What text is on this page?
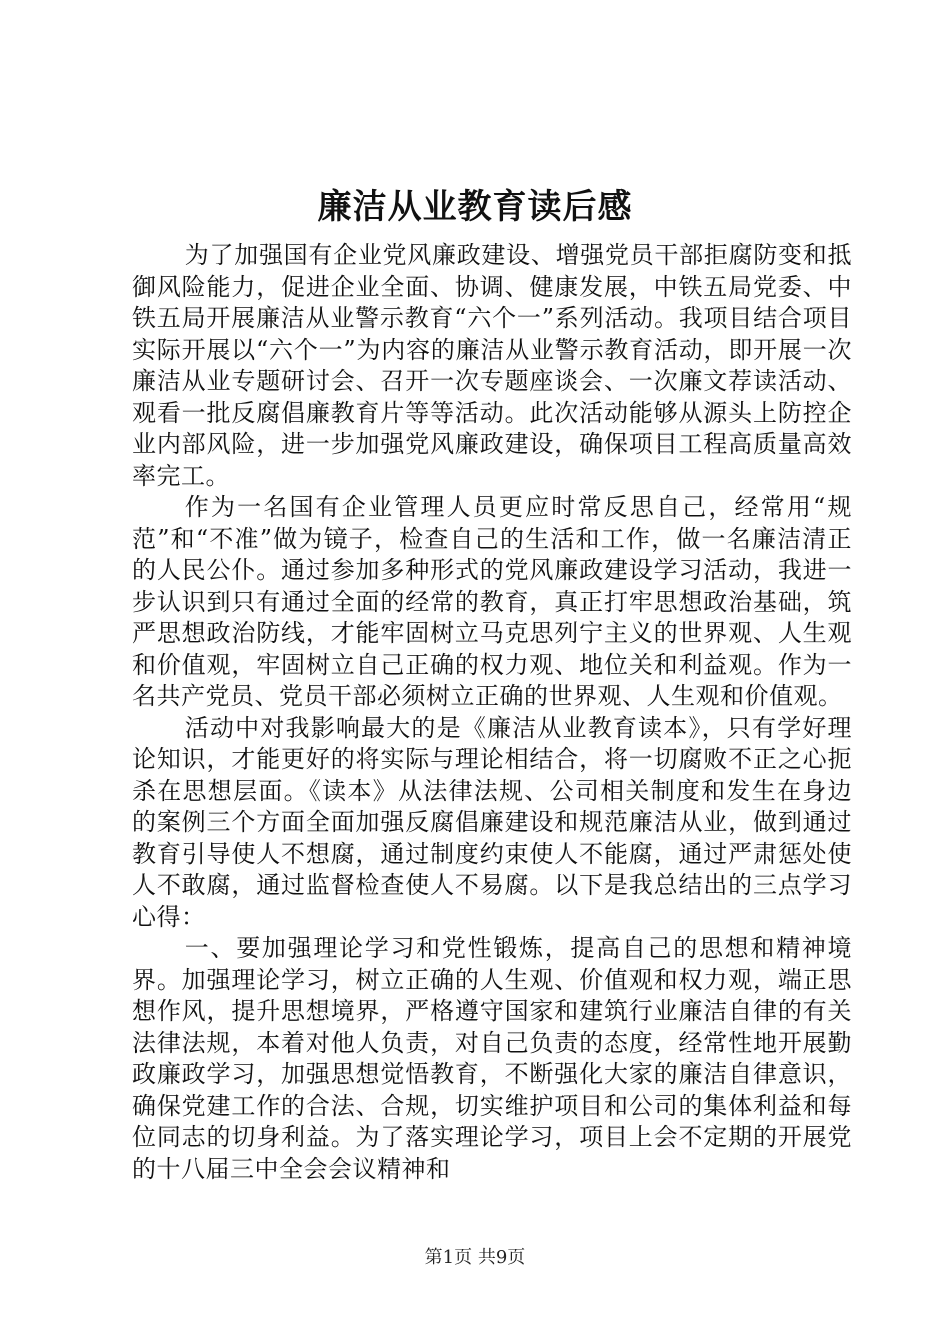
廉洁从业教育读后感

为了加强国有企业党风廉政建设、增强党员干部拒腐防变和抵御风险能力，促进企业全面、协调、健康发展，中铁五局党委、中铁五局开展廉洁从业警示教育“六个一”系列活动。我项目结合项目实际开展以“六个一”为内容的廉洁从业警示教育活动，即开展一次廉洁从业专题研讨会、召开一次专题座谈会、一次廉文荐读活动、观看一批反腐倡廉教育片等等活动。此次活动能够从源头上防控企业内部风险，进一步加强党风廉政建设，确保项目工程高质量高效率完工。

作为一名国有企业管理人员更应时常反思自己，经常用“规范”和“不准”做为镜子，检查自己的生活和工作，做一名廉洁清正的人民公仆。通过参加多种形式的党风廉政建设学习活动，我进一步认识到只有通过全面的经常的教育，真正打牢思想政治基础，筑严思想政治防线，才能牢固树立马克思列宁主义的世界观、人生观和价值观，牢固树立自己正确的权力观、地位关和利益观。作为一名共产党员、党员干部必须树立正确的世界观、人生观和价值观。

活动中对我影响最大的是《廉洁从业教育读本》，只有学好理论知识，才能更好的将实际与理论相结合，将一切腐败不正之心扼杀在思想层面。《读本》从法律法规、公司相关制度和发生在身边的案例三个方面全面加强反腐倡廉建设和规范廉洁从业，做到通过教育引导使人不想腐，通过制度约束使人不能腐，通过严肃惩处使人不敢腐，通过监督检查使人不易腐。以下是我总结出的三点学习心得：

一、要加强理论学习和党性锻炼，提高自己的思想和精神境界。加强理论学习，树立正确的人生观、价值观和权力观，端正思想作风，提升思想境界，严格遵守国家和建筑行业廉洁自律的有关法律法规，本着对他人负责，对自己负责的态度，经常性地开展勤政廉政学习，加强思想觉悟教育，不断强化大家的廉洁自律意识，确保党建工作的合法、合规，切实维护项目和公司的集体利益和每位同志的切身利益。为了落实理论学习，项目上会不定期的开展党的十八届三中全会会议精神和

第1页 共9页
